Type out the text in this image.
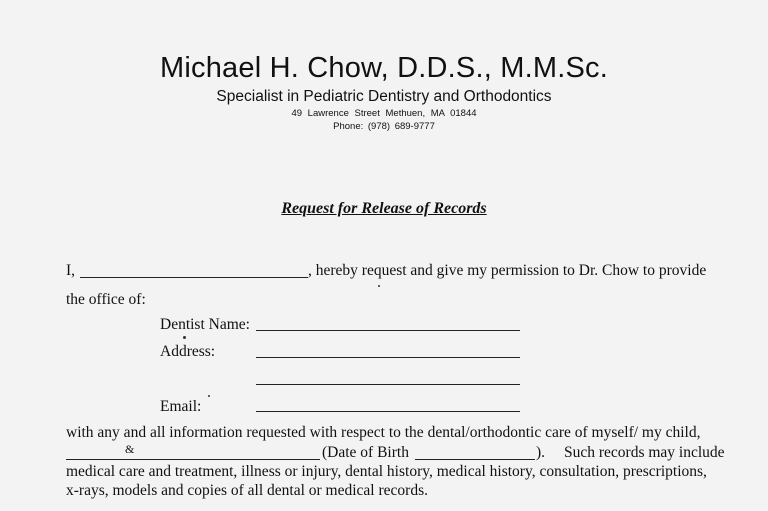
Michael H. Chow, D.D.S., M.M.Sc.
Specialist in Pediatric Dentistry and Orthodontics
49 Lawrence Street Methuen, MA 01844
Phone: (978) 689-9777
Request for Release of Records
I,	, hereby request and give my permission to Dr. Chow to provide
the office of:
Dentist Name:
Address:
Email:
with any and all information requested with respect to the dental/orthodontic care of myself/ my child,
&	(Date of Birth	). Such records may include
medical care and treatment, illness or injury, dental history, medical history, consultation, prescriptions,
x-rays, models and copies of all dental or medical records.
